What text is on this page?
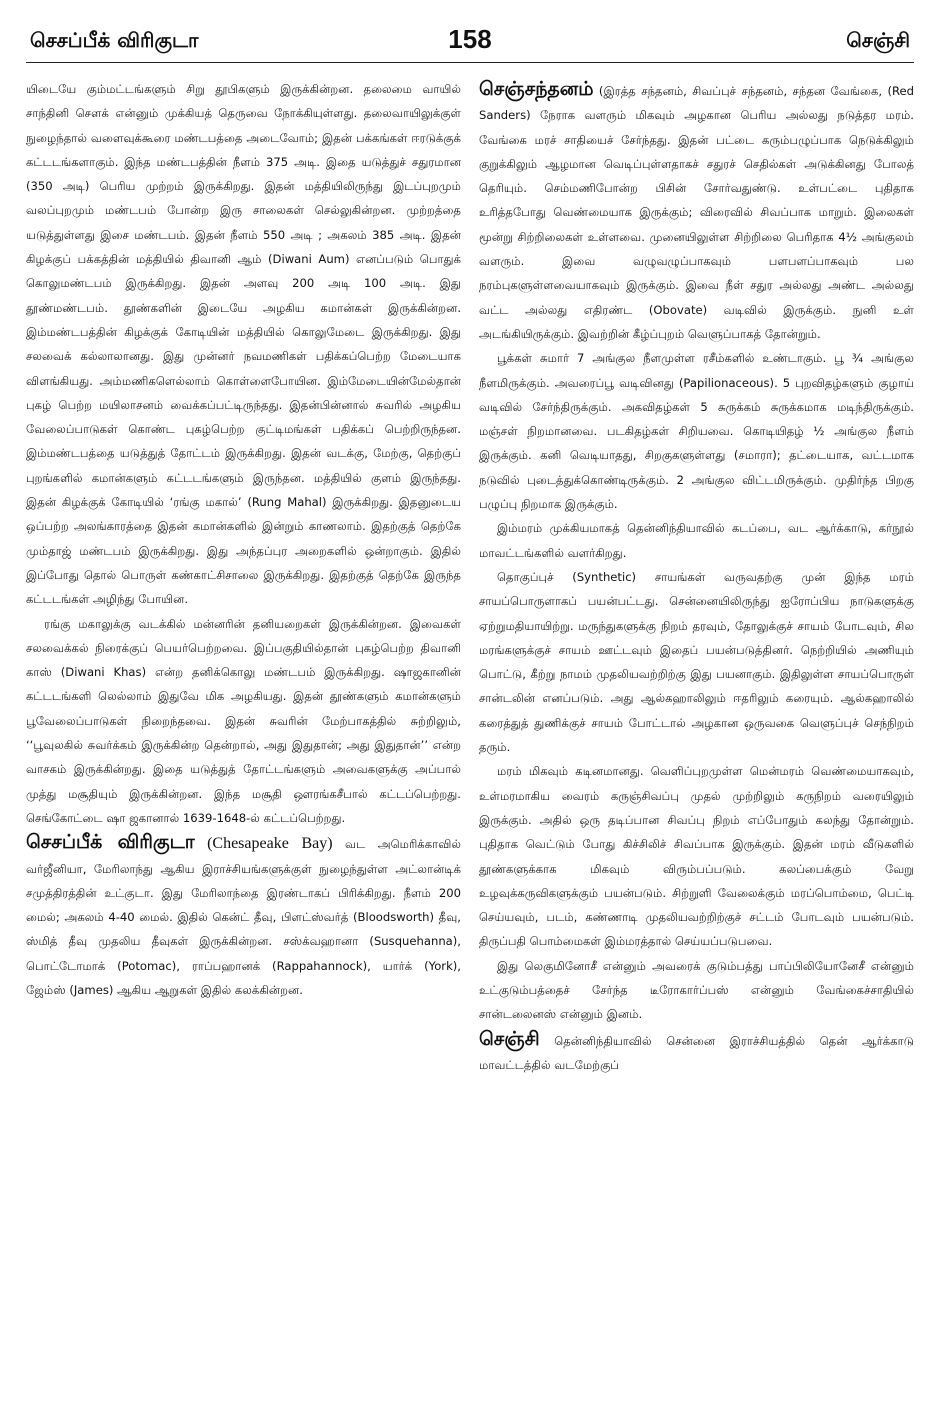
செசப்பீக் விரிகுடா	158	செஞ்சி

யிடையே கும்மட்டங்களும் சிறு தூபிகளும் இருக்கின்றன. தலைமை வாயில் சாந்தினி சௌக் என்னும் முக்கியத் தெருவை நோக்கியுள்ளது. தலைவாயிலுக்குள் நுழைந்தால் வளைவுக்கூரை மண்டபத்தை அடைவோம்; இதன் பக்கங்கள் ஈரடுக்குக் கட்டடங்களாகும். இந்த மண்டபத்தின் நீளம் 375 அடி. இதை யடுத்துச் சதுரமான (350 அடி) பெரிய முற்றம் இருக்கிறது. இதன் மத்தியிலிருந்து இடப்புறமும் வலப்புறமும் மண்டபம் போன்ற இரு சாலைகள் செல்லுகின்றன. முற்றத்தை யடுத்துள்ளது இசை மண்டபம். இதன் நீளம் 550 அடி ; அகலம் 385 அடி. இதன் கிழக்குப் பக்கத்தின் மத்தியில் திவானி ஆம் (Diwani Aum) எனப்படும் பொதுக் கொலுமண்டபம் இருக்கிறது. இதன் அளவு 200 அடி 100 அடி. இது தூண்மண்டபம். தூண்களின் இடையே அழகிய கமான்கள் இருக்கின்றன. இம்மண்டபத்தின் கிழக்குக் கோடியின் மத்தியில் கொலுமேடை இருக்கிறது. இது சலவைக் கல்லாலானது. இது முன்னர் நவமணிகள் பதிக்கப்பெற்ற மேடையாக விளங்கியது. அம்மணிகளெல்லாம் கொள்ளைபோயின. இம்மேடையின்மேல்தான் புகழ் பெற்ற மயிலாசனம் வைக்கப்பட்டிருந்தது. இதன்பின்னால் சுவரில் அழகிய வேலைப்பாடுகள் கொண்ட புகழ்பெற்ற குட்டிமங்கள் பதிக்கப் பெற்றிருந்தன. இம்மண்டபத்தை யடுத்துத் தோட்டம் இருக்கிறது. இதன் வடக்கு, மேற்கு, தெற்குப் புறங்களில் கமான்களும் கட்டடங்களும் இருந்தன. மத்தியில் குளம் இருந்தது. இதன் கிழக்குக் கோடியில் ‘ரங்கு மகால்’ (Rung Mahal) இருக்கிறது. இதனுடைய ஒப்பற்ற அலங்காரத்தை இதன் கமான்களில் இன்றும் காணலாம். இதற்குத் தெற்கே மும்தாஜ் மண்டபம் இருக்கிறது. இது அந்தப்புர அறைகளில் ஒன்றாகும். இதில் இப்போது தொல் பொருள் கண்காட்சிசாலை இருக்கிறது. இதற்குத் தெற்கே இருந்த கட்டடங்கள் அழிந்து போயின.

ரங்கு மகாலுக்கு வடக்கில் மன்னரின் தனியறைகள் இருக்கின்றன. இவைகள் சலவைக்கல் நிரைக்குப் பெயர்பெற்றவை. இப்பகுதியில்தான் புகழ்பெற்ற திவானி காஸ் (Diwani Khas) என்ற தனிக்கொலு மண்டபம் இருக்கிறது. ஷாஜகானின் கட்டடங்களி லெல்லாம் இதுவே மிக அழகியது. இதன் தூண்களும் கமான்களும் பூவேலைப்பாடுகள் நிறைந்தவை. இதன் சுவரின் மேற்பாகத்தில் சுற்றிலும், ‘‘பூவுலகில் சுவர்க்கம் இருக்கின்ற தென்றால், அது இதுதான்; அது இதுதான்’’ என்ற வாசகம் இருக்கின்றது. இதை யடுத்துத் தோட்டங்களும் அவைகளுக்கு அப்பால் முத்து மசூதியும் இருக்கின்றன. இந்த மசூதி ஔரங்கசீபால் கட்டப்பெற்றது. செங்கோட்டை ஷா ஜகானால் 1639-1648-ல் கட்டப்பெற்றது.

செசப்பீக் விரிகுடா (Chesapeake Bay) வட அமெரிக்காவில் வர்ஜீனியா, மேரிலாந்து ஆகிய இராச்சியங்களுக்குள் நுழைந்துள்ள அட்லான்டிக் சமுத்திரத்தின் உட்குடா. இது மேரிலாந்தை இரண்டாகப் பிரிக்கிறது. நீளம் 200 மைல்; அகலம் 4-40 மைல். இதில் கென்ட் தீவு, பிளட்ஸ்வர்த் (Bloodsworth) தீவு, ஸ்மித் தீவு முதலிய தீவுகள் இருக்கின்றன. சஸ்க்வஹானா (Susquehanna), பொட்டோமாக் (Potomac), ராப்பஹானக் (Rappahannock), யார்க் (York), ஜேம்ஸ் (James) ஆகிய ஆறுகள் இதில் கலக்கின்றன.

செஞ்சந்தனம் (இரத்த சந்தனம், சிவப்புச் சந்தனம், சந்தன வேங்கை, (Red Sanders) நேராக வளரும் மிகவும் அழகான பெரிய அல்லது நடுத்தர மரம். வேங்கை மரச் சாதியைச் சேர்ந்தது. இதன் பட்டை கரும்பழுப்பாக நெடுக்கிலும் குறுக்கிலும் ஆழமான வெடிப்புள்ளதாகச் சதுரச் செதில்கள் அடுக்கினது போலத் தெரியும். செம்மணிபோன்ற பிசின் சோர்வதுண்டு. உள்பட்டை புதிதாக உரித்தபோது வெண்மையாக இருக்கும்; விரைவில் சிவப்பாக மாறும். இலைகள் மூன்று சிற்றிலைகள் உள்ளவை. முனையிலுள்ள சிற்றிலை பெரிதாக 4½ அங்குலம் வளரும். இவை வழுவழுப்பாகவும் பளபளப்பாகவும் பல நரம்புகளுள்ளவையாகவும் இருக்கும். இவை நீள் சதுர அல்லது அண்ட அல்லது வட்ட அல்லது எதிரண்ட (Obovate) வடிவில் இருக்கும். நுனி உள் அடங்கியிருக்கும். இவற்றின் கீழ்ப்புறம் வெளுப்பாகத் தோன்றும்.

பூக்கள் சுமார் 7 அங்குல நீளமுள்ள ரசீம்களில் உண்டாகும். பூ ¾ அங்குல நீளமிருக்கும். அவரைப்பூ வடிவினது (Papilionaceous). 5 புறவிதழ்களும் குழாய் வடிவில் சேர்ந்திருக்கும். அகவிதழ்கள் 5 சுருக்கம் சுருக்கமாக மடிந்திருக்கும். மஞ்சள் நிறமானவை. படகிதழ்கள் சிறியவை. கொடியிதழ் ½ அங்குல நீளம் இருக்கும். கனி வெடியாதது, சிறகுகளுள்ளது (சமாரா); தட்டையாக, வட்டமாக நடுவில் புடைத்துக்கொண்டிருக்கும். 2 அங்குல விட்டமிருக்கும். முதிர்ந்த பிறகு பழுப்பு நிறமாக இருக்கும்.

இம்மரம் முக்கியமாகத் தென்னிந்தியாவில் கடப்பை, வட ஆர்க்காடு, கர்நூல் மாவட்டங்களில் வளர்கிறது.

தொகுப்புச் (Synthetic) சாயங்கள் வருவதற்கு முன் இந்த மரம் சாயப்பொருளாகப் பயன்பட்டது. சென்னையிலிருந்து ஐரோப்பிய நாடுகளுக்கு ஏற்றுமதியாயிற்று. மருந்துகளுக்கு நிறம் தரவும், தோலுக்குச் சாயம் போடவும், சில மரங்களுக்குச் சாயம் ஊட்டவும் இதைப் பயன்படுத்தினர். நெற்றியில் அணியும் பொட்டு, கீற்று நாமம் முதலியவற்றிற்கு இது பயனாகும். இதிலுள்ள சாயப்பொருள் சான்டலின் எனப்படும். அது ஆல்கஹாலிலும் ஈதரிலும் கரையும். ஆல்கஹாலில் கரைத்துத் துணிக்குச் சாயம் போட்டால் அழகான ஒருவகை வெளுப்புச் செந்நிறம் தரும்.

மரம் மிகவும் கடினமானது. வெளிப்புறமுள்ள மென்மரம் வெண்மையாகவும், உள்மரமாகிய வைரம் கருஞ்சிவப்பு முதல் முற்றிலும் கருநிறம் வரையிலும் இருக்கும். அதில் ஒரு தடிப்பான சிவப்பு நிறம் எப்போதும் கலந்து தோன்றும். புதிதாக வெட்டும் போது கிச்சிலிச் சிவப்பாக இருக்கும். இதன் மரம் வீடுகளில் தூண்களுக்காக மிகவும் விரும்பப்படும். கலப்பைக்கும் வேறு உழவுக்கருவிகளுக்கும் பயன்படும். சிற்றுளி வேலைக்கும் மரப்பொம்மை, பெட்டி செய்யவும், படம், கண்ணாடி முதலியவற்றிற்குச் சட்டம் போடவும் பயன்படும். திருப்பதி பொம்மைகள் இம்மரத்தால் செய்யப்படுபவை.

இது லெகுமினோசீ என்னும் அவரைக் குடும்பத்து பாப்பிலியோனேசீ என்னும் உட்குடும்பத்தைச் சேர்ந்த டீரோகார்ப்பஸ் என்னும் வேங்கைச்சாதியில் சான்டலைனஸ் என்னும் இனம்.

செஞ்சி தென்னிந்தியாவில் சென்னை இராச்சியத்தில் தென் ஆர்க்காடு மாவட்டத்தில் வடமேற்குப்
